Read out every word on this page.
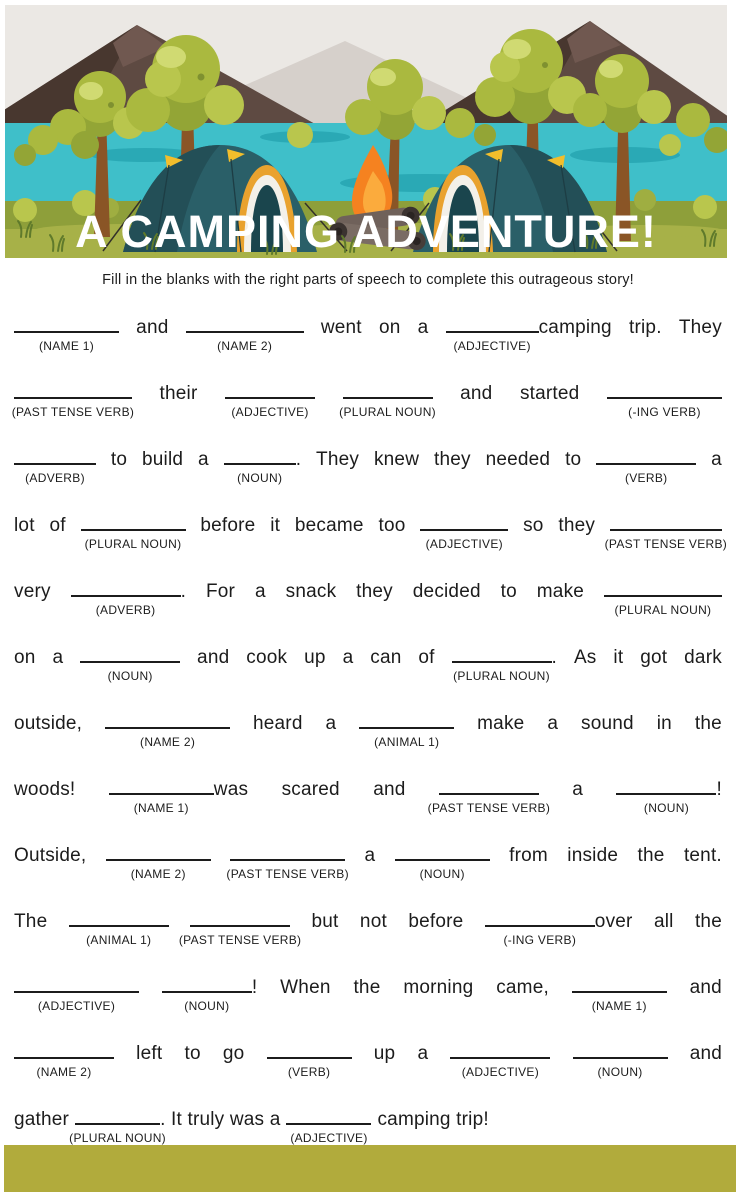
A CAMPING ADVENTURE!

Fill in the blanks with the right parts of speech to complete this outrageous story!

(NAME 1)
and
(NAME 2)
went on a
(ADJECTIVE)
camping trip. They
(PAST TENSE VERB)
their
(ADJECTIVE)	(PLURAL NOUN)
and started
(-ING VERB)
(ADVERB)
to build a
(NOUN)
. They knew they needed to
(VERB)
a
lot of
(PLURAL NOUN)
before it became too
(ADJECTIVE)
so they
(PAST TENSE VERB)
very
(ADVERB)
. For a snack they decided to make
(PLURAL NOUN)
on a
(NOUN)
and cook up a can of
(PLURAL NOUN)
. As it got dark
outside,
(NAME 2)
heard a
(ANIMAL 1)
make a sound in the
woods!
(NAME 1)
was scared and
(PAST TENSE VERB)
a
(NOUN)
!
Outside,
(NAME 2)	(PAST TENSE VERB)
a
(NOUN)
from inside the tent.
The
(ANIMAL 1) (PAST TENSE VERB)
but not before
(-ING VERB)
over all the
(ADJECTIVE)	(NOUN)
! When the morning came,
(NAME 1)
and
(NAME 2)
left to go
(VERB)
up a
(ADJECTIVE)	(NOUN)
and
gather
(PLURAL NOUN)
. It truly was a
(ADJECTIVE)
camping trip!
